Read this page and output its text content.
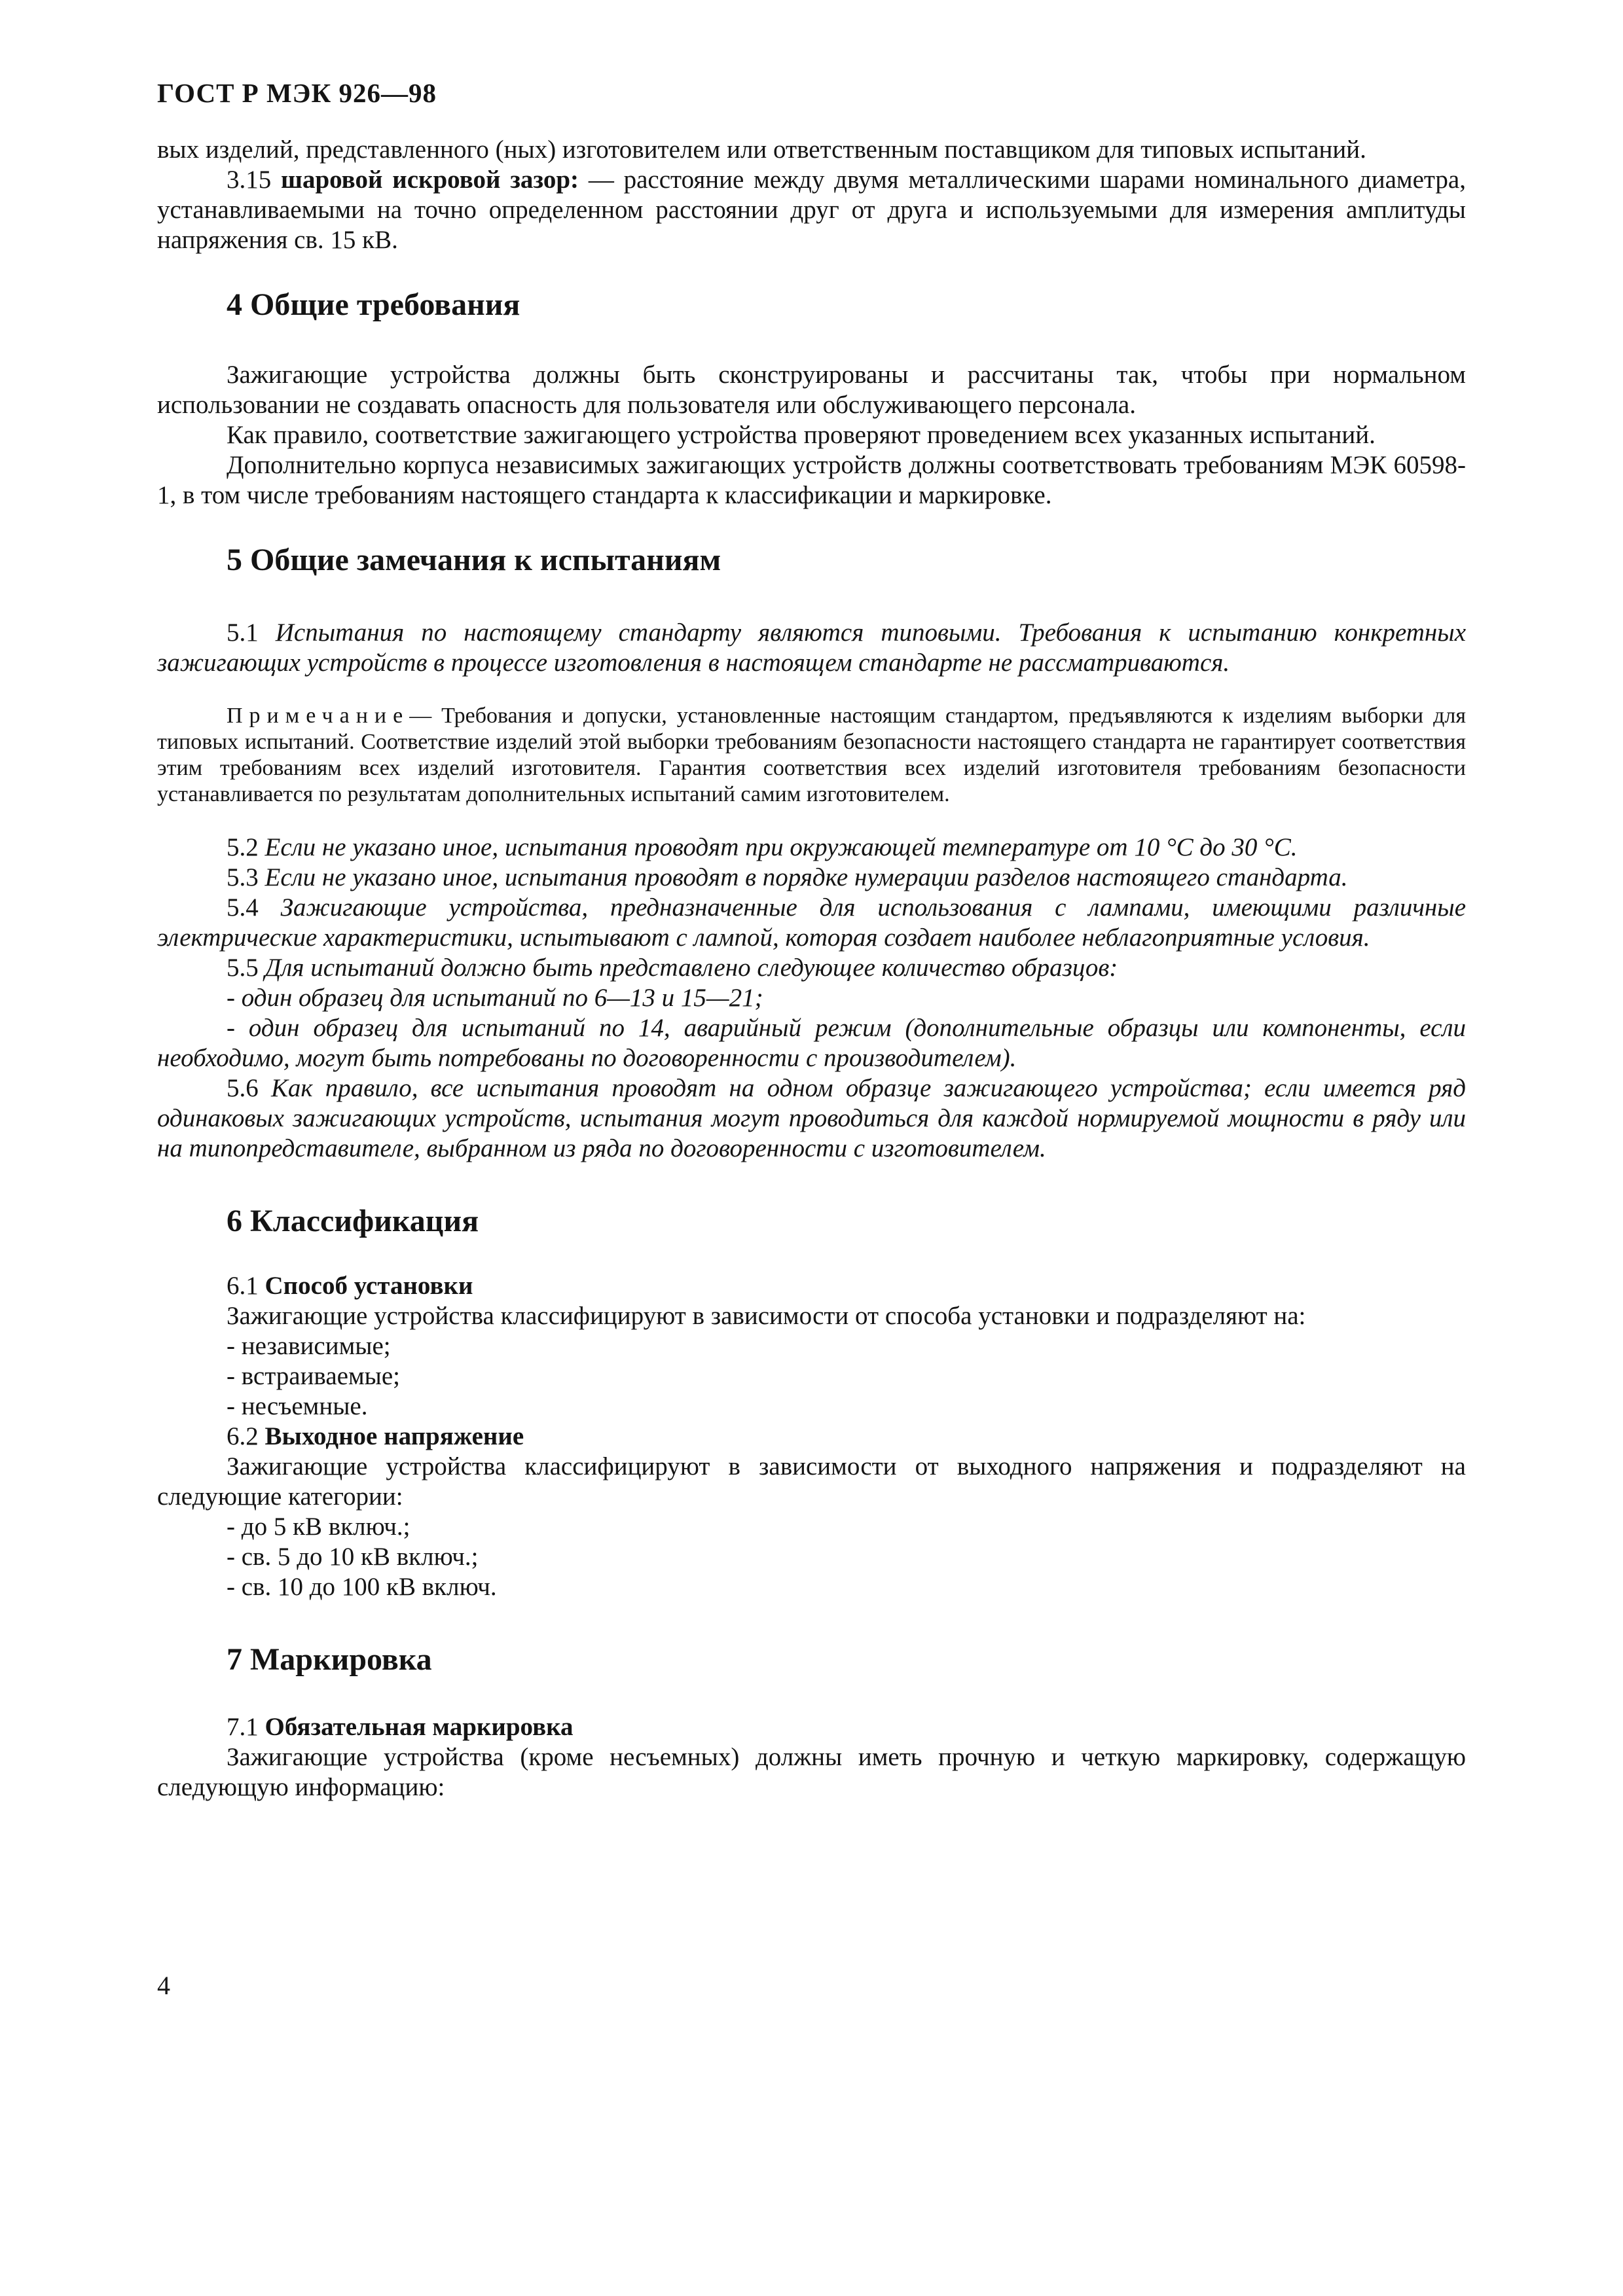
ГОСТ Р МЭК 926—98

вых изделий, представленного (ных) изготовителем или ответственным поставщиком для типовых испытаний.

3.15 шаровой искровой зазор: — расстояние между двумя металлическими шарами номинального диаметра, устанавливаемыми на точно определенном расстоянии друг от друга и используемыми для измерения амплитуды напряжения св. 15 кВ.

4 Общие требования

Зажигающие устройства должны быть сконструированы и рассчитаны так, чтобы при нормальном использовании не создавать опасность для пользователя или обслуживающего персонала.

Как правило, соответствие зажигающего устройства проверяют проведением всех указанных испытаний.

Дополнительно корпуса независимых зажигающих устройств должны соответствовать требованиям МЭК 60598-1, в том числе требованиям настоящего стандарта к классификации и маркировке.

5 Общие замечания к испытаниям

5.1 Испытания по настоящему стандарту являются типовыми. Требования к испытанию конкретных зажигающих устройств в процессе изготовления в настоящем стандарте не рассматриваются.

Примечание— Требования и допуски, установленные настоящим стандартом, предъявляются к изделиям выборки для типовых испытаний. Соответствие изделий этой выборки требованиям безопасности настоящего стандарта не гарантирует соответствия этим требованиям всех изделий изготовителя. Гарантия соответствия всех изделий изготовителя требованиям безопасности устанавливается по результатам дополнительных испытаний самим изготовителем.

5.2 Если не указано иное, испытания проводят при окружающей температуре от 10 °С до 30 °С.

5.3 Если не указано иное, испытания проводят в порядке нумерации разделов настоящего стандарта.

5.4 Зажигающие устройства, предназначенные для использования с лампами, имеющими различные электрические характеристики, испытывают с лампой, которая создает наиболее неблагоприятные условия.

5.5 Для испытаний должно быть представлено следующее количество образцов:

- один образец для испытаний по 6—13 и 15—21;

- один образец для испытаний по 14, аварийный режим (дополнительные образцы или компоненты, если необходимо, могут быть потребованы по договоренности с производителем).

5.6 Как правило, все испытания проводят на одном образце зажигающего устройства; если имеется ряд одинаковых зажигающих устройств, испытания могут проводиться для каждой нормируемой мощности в ряду или на типопредставителе, выбранном из ряда по договоренности с изготовителем.

6 Классификация

6.1 Способ установки

Зажигающие устройства классифицируют в зависимости от способа установки и подразделяют на:

- независимые;

- встраиваемые;

- несъемные.

6.2 Выходное напряжение

Зажигающие устройства классифицируют в зависимости от выходного напряжения и подразделяют на следующие категории:

- до 5 кВ включ.;

- св. 5 до 10 кВ включ.;

- св. 10 до 100 кВ включ.

7 Маркировка

7.1 Обязательная маркировка

Зажигающие устройства (кроме несъемных) должны иметь прочную и четкую маркировку, содержащую следующую информацию:

4
